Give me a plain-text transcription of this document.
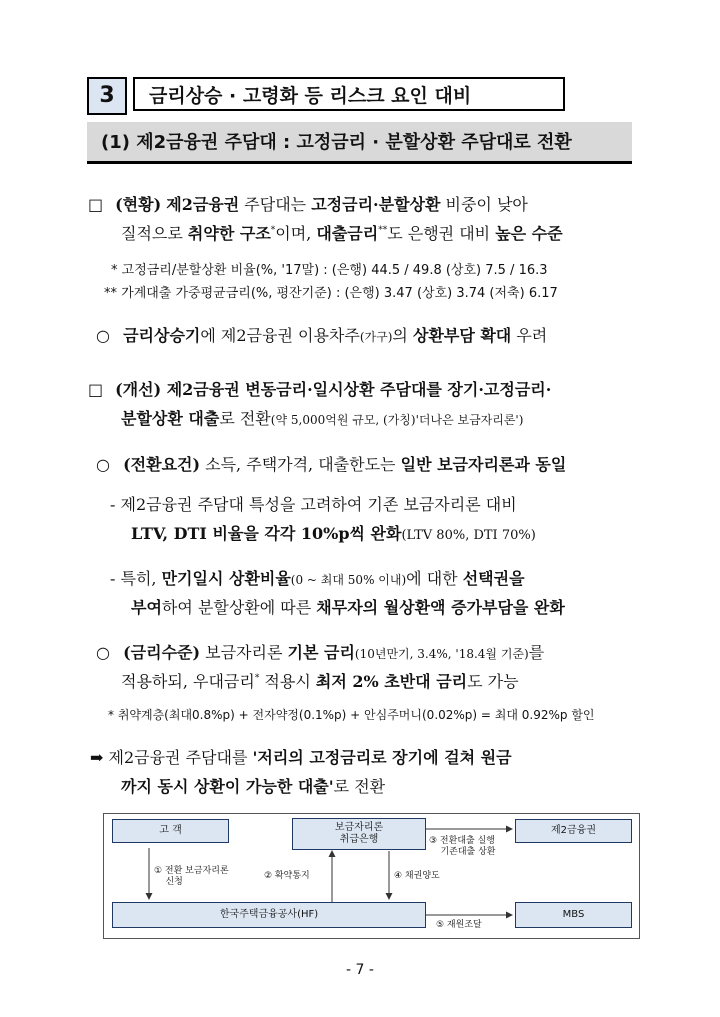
3	금리상승 · 고령화 등 리스크 요인 대비
(1) 제2금융권 주담대 : 고정금리 · 분할상환 주담대로 전환
□ (현황) 제2금융권 주담대는 고정금리·분할상환 비중이 낮아
질적으로 취약한 구조*이며, 대출금리**도 은행권 대비 높은 수준
* 고정금리/분할상환 비율(%, '17말) : (은행) 44.5 / 49.8 (상호) 7.5 / 16.3
** 가계대출 가중평균금리(%, 평잔기준) : (은행) 3.47 (상호) 3.74 (저축) 6.17
○ 금리상승기에 제2금융권 이용차주(가구)의 상환부담 확대 우려
□ (개선) 제2금융권 변동금리·일시상환 주담대를 장기·고정금리·
분할상환 대출로 전환(약 5,000억원 규모, (가칭)'더나은 보금자리론')
○ (전환요건) 소득, 주택가격, 대출한도는 일반 보금자리론과 동일
- 제2금융권 주담대 특성을 고려하여 기존 보금자리론 대비
LTV, DTI 비율을 각각 10%p씩 완화(LTV 80%, DTI 70%)
- 특히, 만기일시 상환비율(0 ~ 최대 50% 이내)에 대한 선택권을
부여하여 분할상환에 따른 채무자의 월상환액 증가부담을 완화
○ (금리수준) 보금자리론 기본 금리(10년만기, 3.4%, '18.4월 기준)를
적용하되, 우대금리* 적용시 최저 2% 초반대 금리도 가능
* 취약계층(최대0.8%p) + 전자약정(0.1%p) + 안심주머니(0.02%p) = 최대 0.92%p 할인
➡ 제2금융권 주담대를 '저리의 고정금리로 장기에 걸쳐 원금
까지 동시 상환이 가능한 대출'로 전환
고 객	보금자리론
취급은행
제2금융권
한국주택금융공사(HF)	MBS
① 전환 보금자리론
신청
② 확약통지
③ 전환대출 실행
기존대출 상환
④ 채권양도
⑤ 재원조달
- 7 -
